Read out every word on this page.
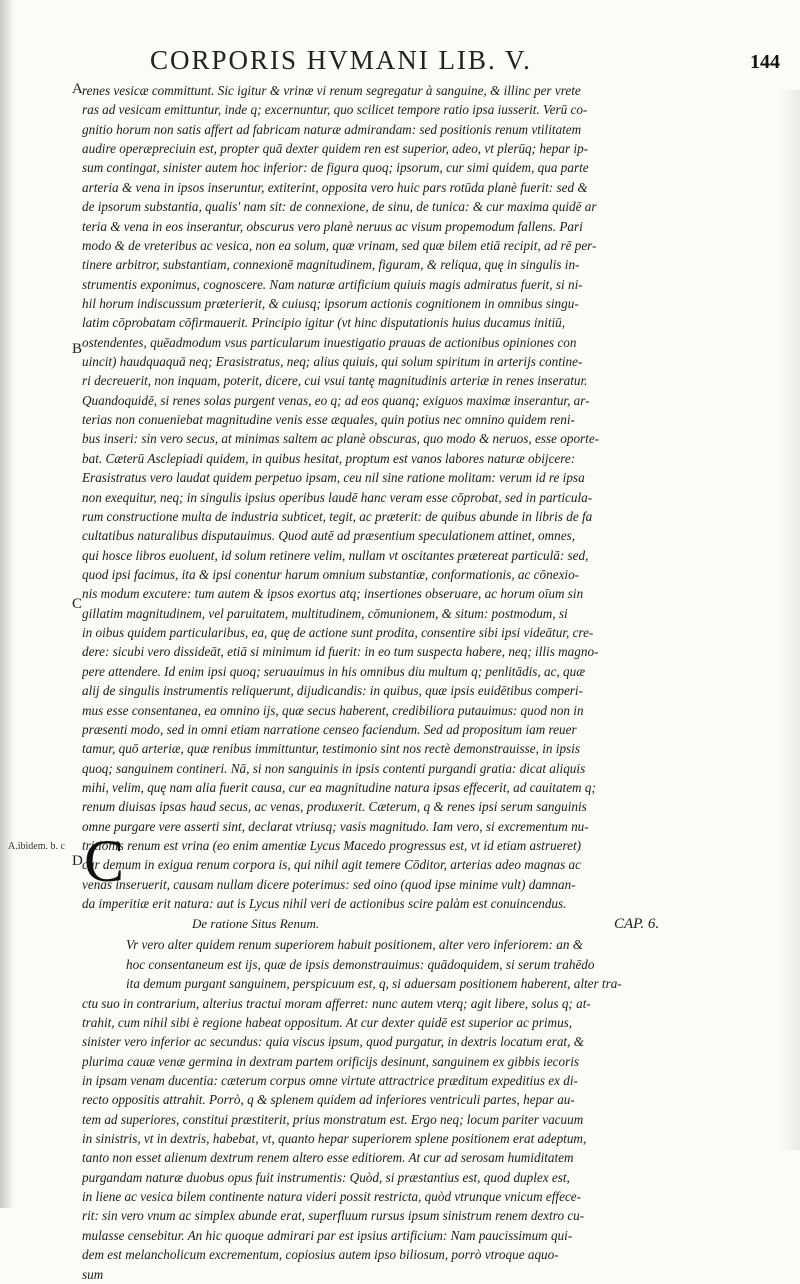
CORPORIS HVMANI LIB. V.	144
A
B
C
D
A.ibidem. b. c
renes vesicæ committunt. Sic igitur & vrinæ vi renum segregatur à sanguine, & illinc per vrete
ras ad vesicam emittuntur, inde q; excernuntur, quo scilicet tempore ratio ipsa iusserit. Verū co-
gnitio horum non satis affert ad fabricam naturæ admirandam: sed positionis renum vtilitatem
audire operæpreciuin est, propter quā dexter quidem ren est superior, adeo, vt plerūq; hepar ip-
sum contingat, sinister autem hoc inferior: de figura quoq; ipsorum, cur simi quidem, qua parte
arteria & vena in ipsos inseruntur, extiterint, opposita vero huic pars rotūda planè fuerit: sed &
de ipsorum substantia, qualis' nam sit: de connexione, de sinu, de tunica: & cur maxima quidē ar
teria & vena in eos inserantur, obscurus vero planè neruus ac visum propemodum fallens. Pari
modo & de vreteribus ac vesica, non ea solum, quæ vrinam, sed quæ bilem etiā recipit, ad rē per-
tinere arbitror, substantiam, connexionē magnitudinem, figuram, & reliqua, quę in singulis in-
strumentis exponimus, cognoscere. Nam naturæ artificium quiuis magis admiratus fuerit, si ni-
hil horum indiscussum præterierit, & cuiusq; ipsorum actionis cognitionem in omnibus singu-
latim cōprobatam cōfirmauerit. Principio igitur (vt hinc disputationis huius ducamus initiū,
ostendentes, quēadmodum vsus particularum inuestigatio prauas de actionibus opiniones con
uincit) haudquaquā neq; Erasistratus, neq; alius quiuis, qui solum spiritum in arterijs contine-
ri decreuerit, non inquam, poterit, dicere, cui vsui tantę magnitudinis arteriæ in renes inseratur.
Quandoquidē, si renes solas purgent venas, eo q; ad eos quanq; exiguos maximæ inserantur, ar-
terias non conueniebat magnitudine venis esse æquales, quin potius nec omnino quidem reni-
bus inseri: sin vero secus, at minimas saltem ac planè obscuras, quo modo & neruos, esse oporte-
bat. Cæterū Asclepiadi quidem, in quibus hesitat, proptum est vanos labores naturæ obijcere:
Erasistratus vero laudat quidem perpetuo ipsam, ceu nil sine ratione molitam: verum id re ipsa
non exequitur, neq; in singulis ipsius operibus laudē hanc veram esse cōprobat, sed in particula-
rum constructione multa de industria subticet, tegit, ac præterit: de quibus abunde in libris de fa
cultatibus naturalibus disputauimus. Quod autē ad præsentium speculationem attinet, omnes,
qui hosce libros euoluent, id solum retinere velim, nullam vt oscitantes prætereat particulā: sed,
quod ipsi facimus, ita & ipsi conentur harum omnium substantiæ, conformationis, ac cōnexio-
nis modum excutere: tum autem & ipsos exortus atq; insertiones obseruare, ac horum oīum sin
gillatim magnitudinem, vel paruitatem, multitudinem, cōmunionem, & situm: postmodum, si
in oibus quidem particularibus, ea, quę de actione sunt prodita, consentire sibi ipsi videātur, cre-
dere: sicubi vero dissideāt, etiā si minimum id fuerit: in eo tum suspecta habere, neq; illis magno-
pere attendere. Id enim ipsi quoq; seruauimus in his omnibus diu multum q; penlitādis, ac, quæ
alij de singulis instrumentis reliquerunt, dijudicandis: in quibus, quæ ipsis euidētibus comperi-
mus esse consentanea, ea omnino ijs, quæ secus haberent, credibiliora putauimus: quod non in
præsenti modo, sed in omni etiam narratione censeo faciendum. Sed ad propositum iam reuer
tamur, quō arteriæ, quæ renibus immittuntur, testimonio sint nos rectè demonstrauisse, in ipsis
quoq; sanguinem contineri. Nā, si non sanguinis in ipsis contenti purgandi gratia: dicat aliquis
mihi, velim, quę nam alia fuerit causa, cur ea magnitudine natura ipsas effecerit, ad cauitatem q;
renum diuisas ipsas haud secus, ac venas, produxerit. Cæterum, q & renes ipsi serum sanguinis
omne purgare vere asserti sint, declarat vtriusq; vasis magnitudo. Iam vero, si excrementum nu-
tritionis renum est vrina (eo enim amentiæ Lycus Macedo progressus est, vt id etiam astrueret)
cur demum in exigua renum corpora is, qui nihil agit temere Cōditor, arterias adeo magnas ac
venas inseruerit, causam nullam dicere poterimus: sed oino (quod ipse minime vult) damnan-
da imperitiæ erit natura: aut is Lycus nihil veri de actionibus scire palàm est conuincendus.
De ratione Situs Renum.	CAP. 6.
Vr vero alter quidem renum superiorem habuit positionem, alter vero inferiorem: an &
hoc consentaneum est ijs, quæ de ipsis demonstrauimus: quādoquidem, si serum trahēdo
ita demum purgant sanguinem, perspicuum est, q, si aduersam positionem haberent, alter tra-
ctu suo in contrarium, alterius tractui moram afferret: nunc autem vterq; agit libere, solus q; at-
trahit, cum nihil sibi è regione habeat oppositum. At cur dexter quidē est superior ac primus,
sinister vero inferior ac secundus: quia viscus ipsum, quod purgatur, in dextris locatum erat, &
plurima cauæ venæ germina in dextram partem orificijs desinunt, sanguinem ex gibbis iecoris
in ipsam venam ducentia: cæterum corpus omne virtute attractrice præditum expeditius ex di-
recto oppositis attrahit. Porrò, q & splenem quidem ad inferiores ventriculi partes, hepar au-
tem ad superiores, constitui præstiterit, prius monstratum est. Ergo neq; locum pariter vacuum
in sinistris, vt in dextris, habebat, vt, quanto hepar superiorem splene positionem erat adeptum,
tanto non esset alienum dextrum renem altero esse editiorem. At cur ad serosam humiditatem
purgandam naturæ duobus opus fuit instrumentis: Quòd, si præstantius est, quod duplex est,
in liene ac vesica bilem continente natura videri possit restricta, quòd vtrunque vnicum effece-
rit: sin vero vnum ac simplex abunde erat, superfluum rursus ipsum sinistrum renem dextro cu-
mulasse censebitur. An hic quoque admirari par est ipsius artificium: Nam paucissimum qui-
dem est melancholicum excrementum, copiosius autem ipso biliosum, porrò vtroque aquo-
sum
C
